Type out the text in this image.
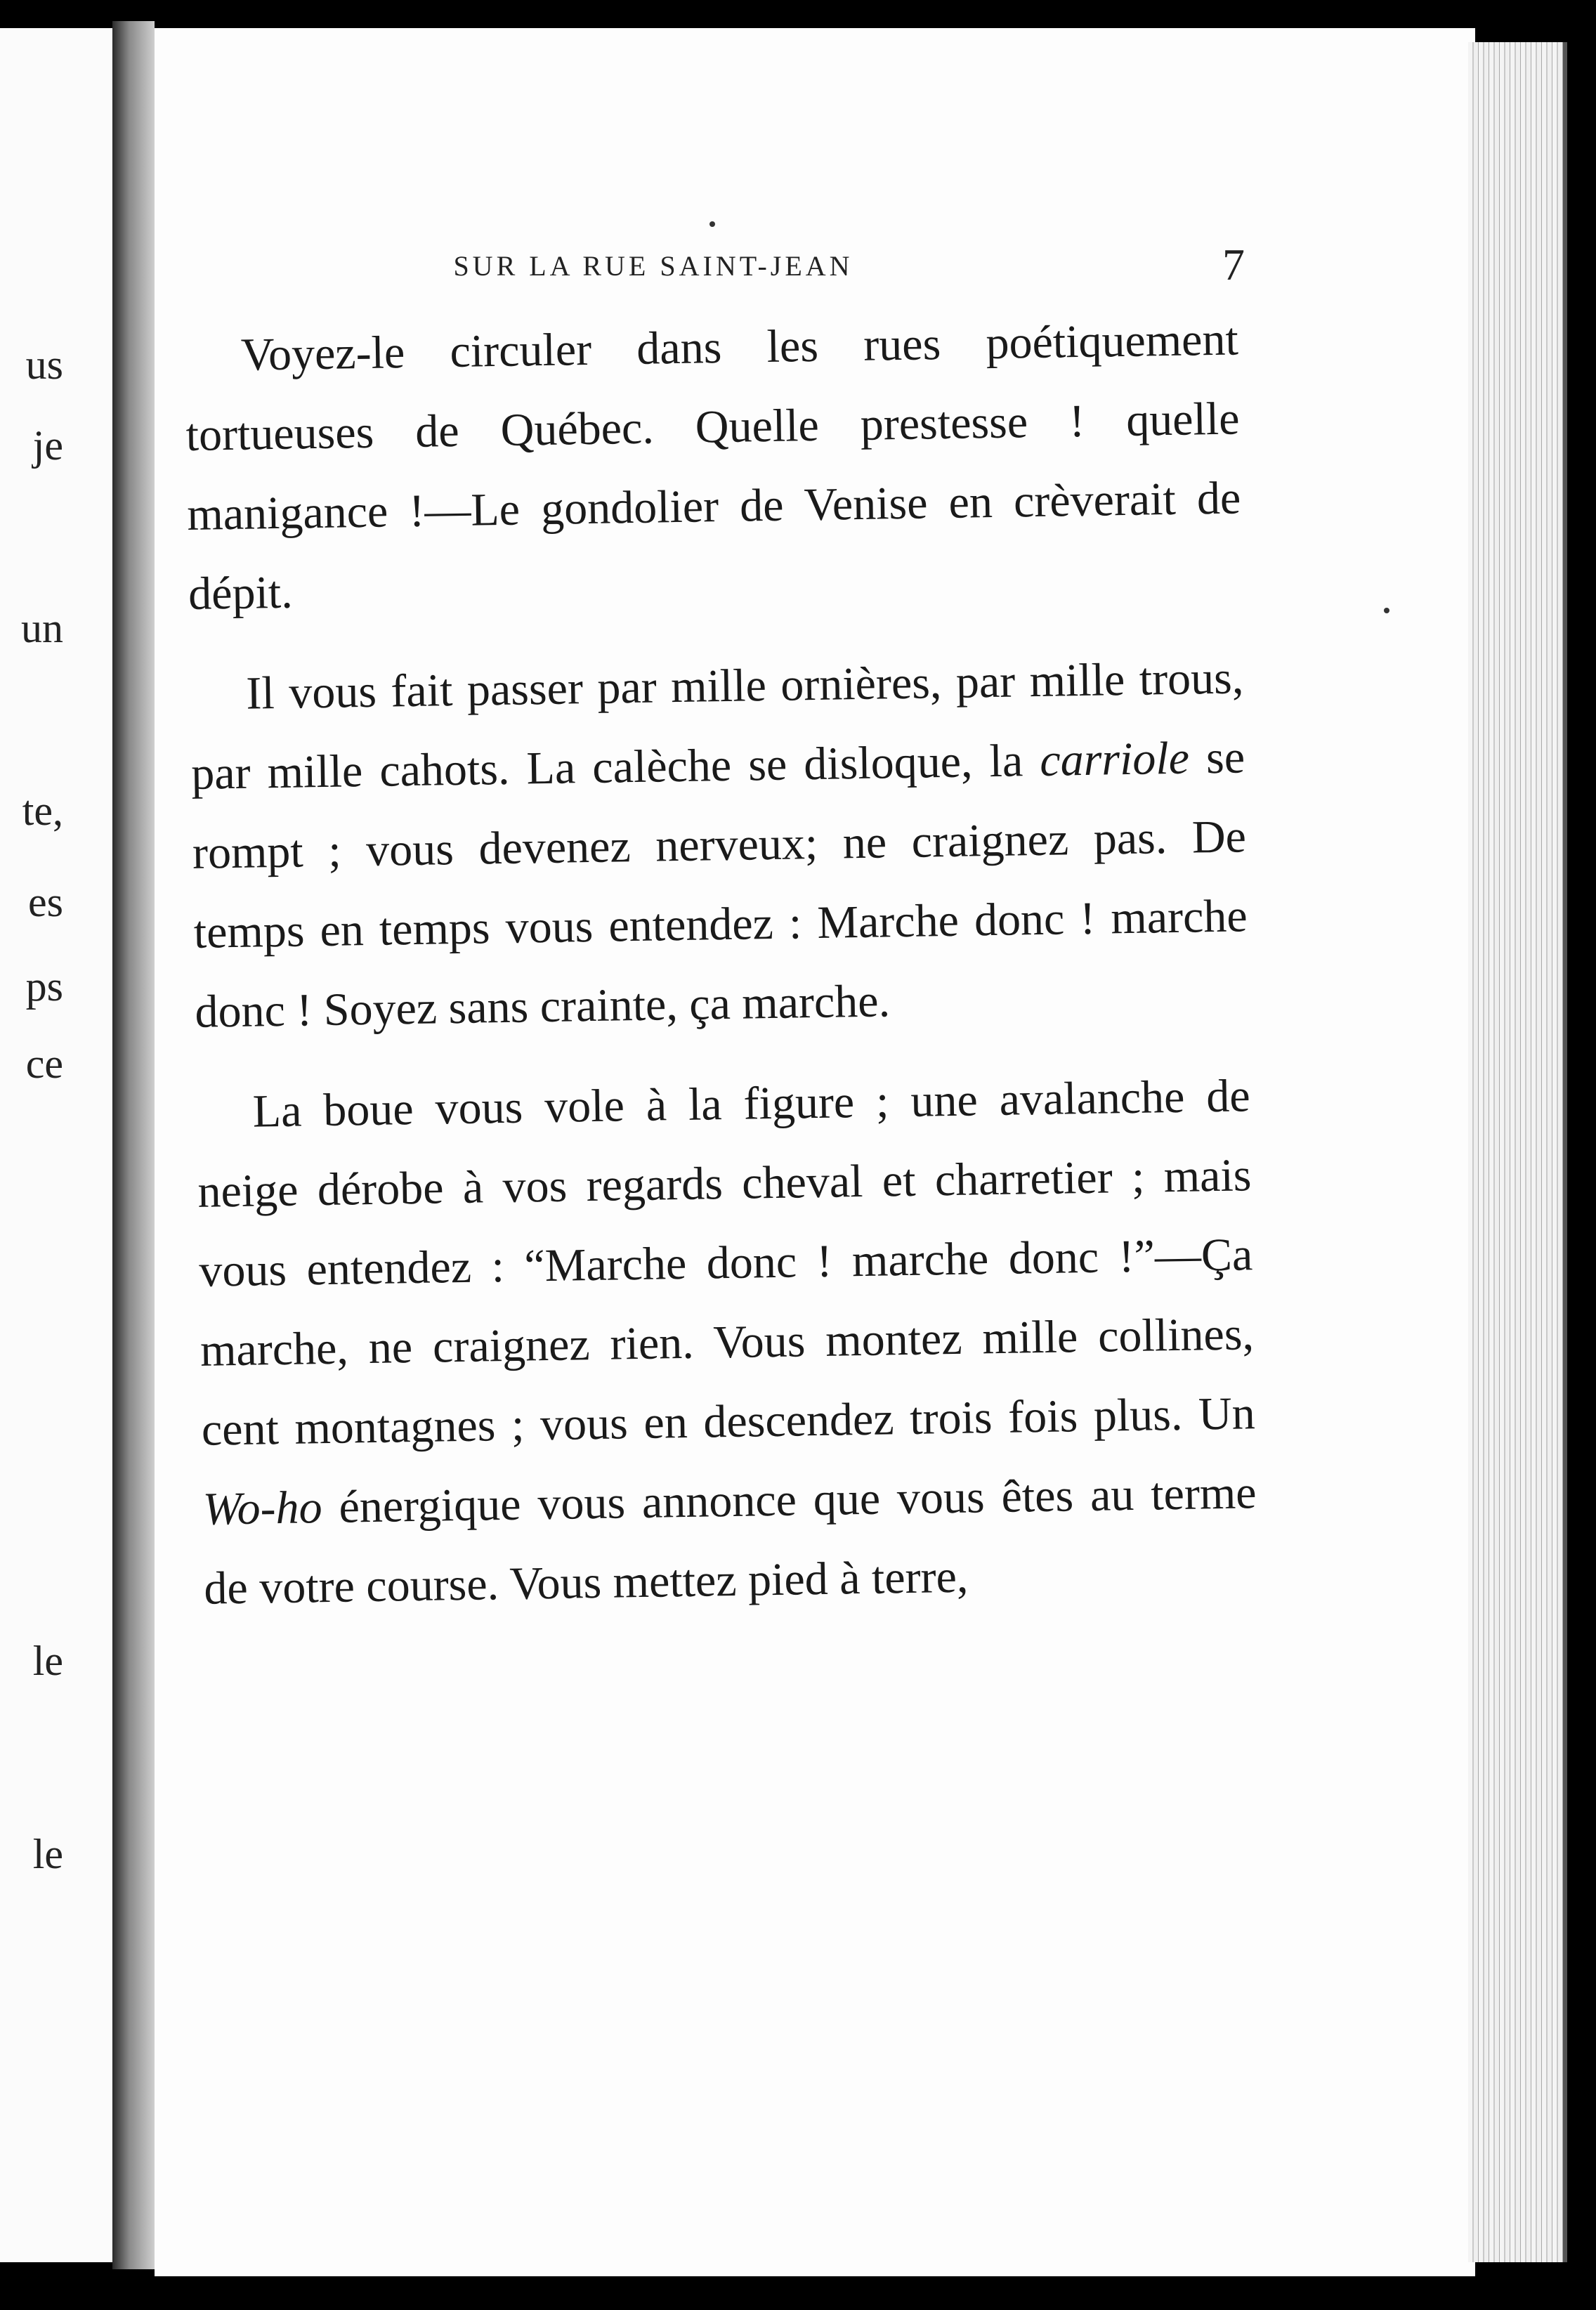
us
je
un
te,
es
ps
ce
le
le
SUR LA RUE SAINT-JEAN	7

Voyez-le circuler dans les rues poétiquement tortueuses de Québec. Quelle prestesse ! quelle manigance !—Le gondolier de Venise en crèverait de dépit.

Il vous fait passer par mille ornières, par mille trous, par mille cahots. La calèche se disloque, la carriole se rompt ; vous devenez nerveux; ne craignez pas. De temps en temps vous entendez : Marche donc ! marche donc ! Soyez sans crainte, ça marche.

La boue vous vole à la figure ; une avalanche de neige dérobe à vos regards cheval et charretier ; mais vous entendez : “Marche donc ! marche donc !”—Ça marche, ne craignez rien. Vous montez mille collines, cent montagnes ; vous en descendez trois fois plus. Un Wo-ho énergique vous annonce que vous êtes au terme de votre course. Vous mettez pied à terre,
